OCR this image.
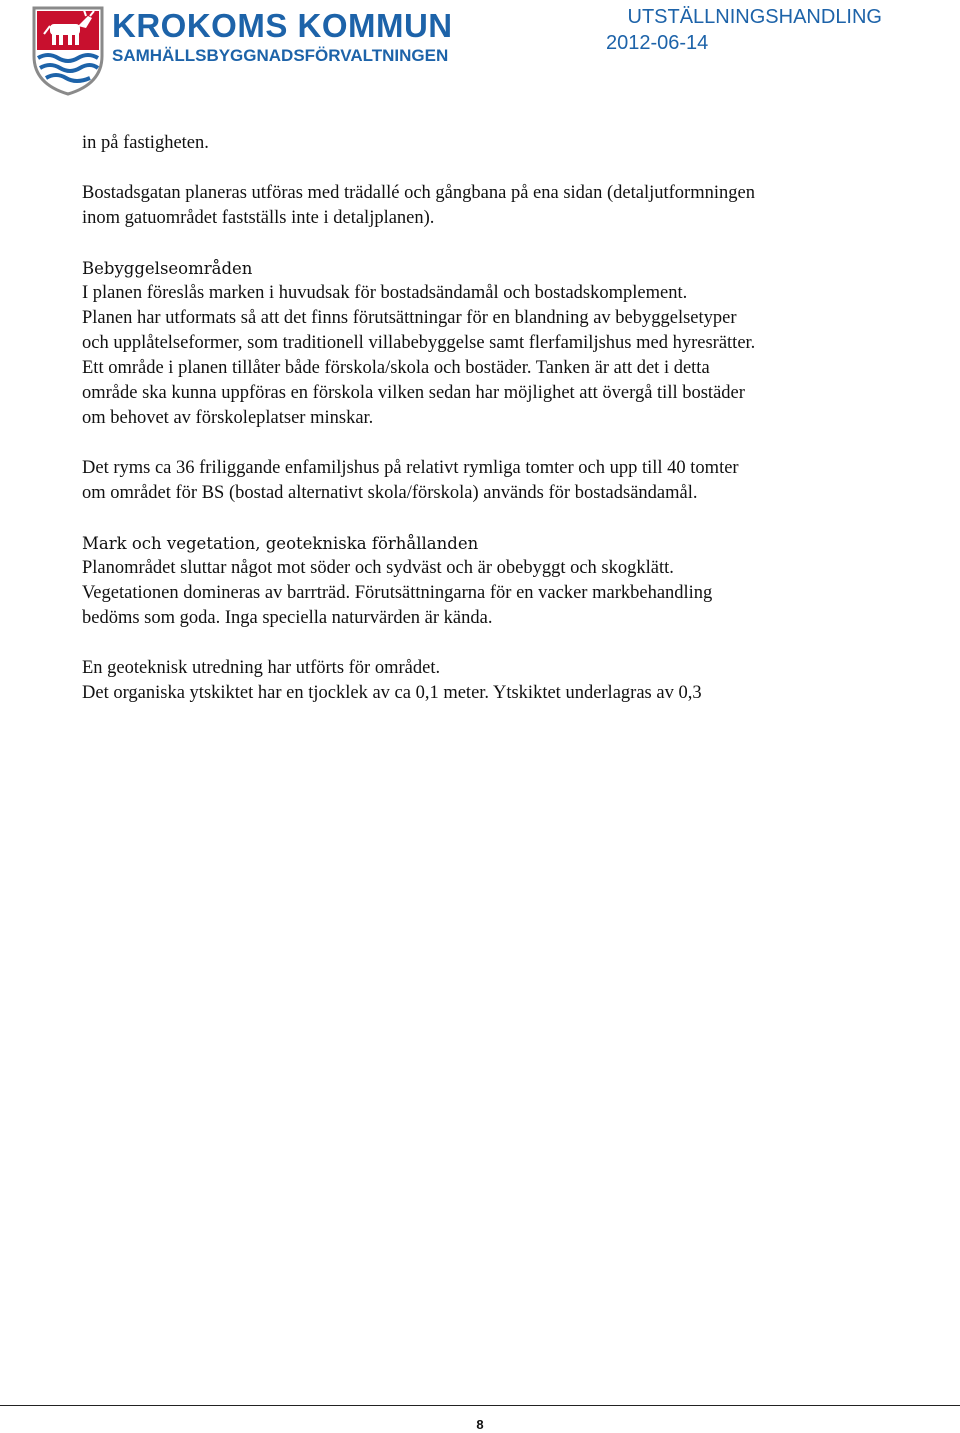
KROKOMS KOMMUN
SAMHÄLLSBYGGNADSFÖRVALTNINGEN
UTSTÄLLNINGSHANDLING
2012-06-14

in på fastigheten.

Bostadsgatan planeras utföras med trädallé och gångbana på ena sidan (detaljutformningen
inom gatuområdet fastställs inte i detaljplanen).

Bebyggelseområden
I planen föreslås marken i huvudsak för bostadsändamål och bostadskomplement.
Planen har utformats så att det finns förutsättningar för en blandning av bebyggelsetyper
och upplåtelseformer, som traditionell villabebyggelse samt flerfamiljshus med hyresrätter.
Ett område i planen tillåter både förskola/skola och bostäder. Tanken är att det i detta
område ska kunna uppföras en förskola vilken sedan har möjlighet att övergå till bostäder
om behovet av förskoleplatser minskar.

Det ryms ca 36 friliggande enfamiljshus på relativt rymliga tomter och upp till 40 tomter
om området för BS (bostad alternativt skola/förskola) används för bostadsändamål.

Mark och vegetation, geotekniska förhållanden
Planområdet sluttar något mot söder och sydväst och är obebyggt och skogklätt.
Vegetationen domineras av barrträd. Förutsättningarna för en vacker markbehandling
bedöms som goda. Inga speciella naturvärden är kända.

En geoteknisk utredning har utförts för området.
Det organiska ytskiktet har en tjocklek av ca 0,1 meter. Ytskiktet underlagras av 0,3

8
